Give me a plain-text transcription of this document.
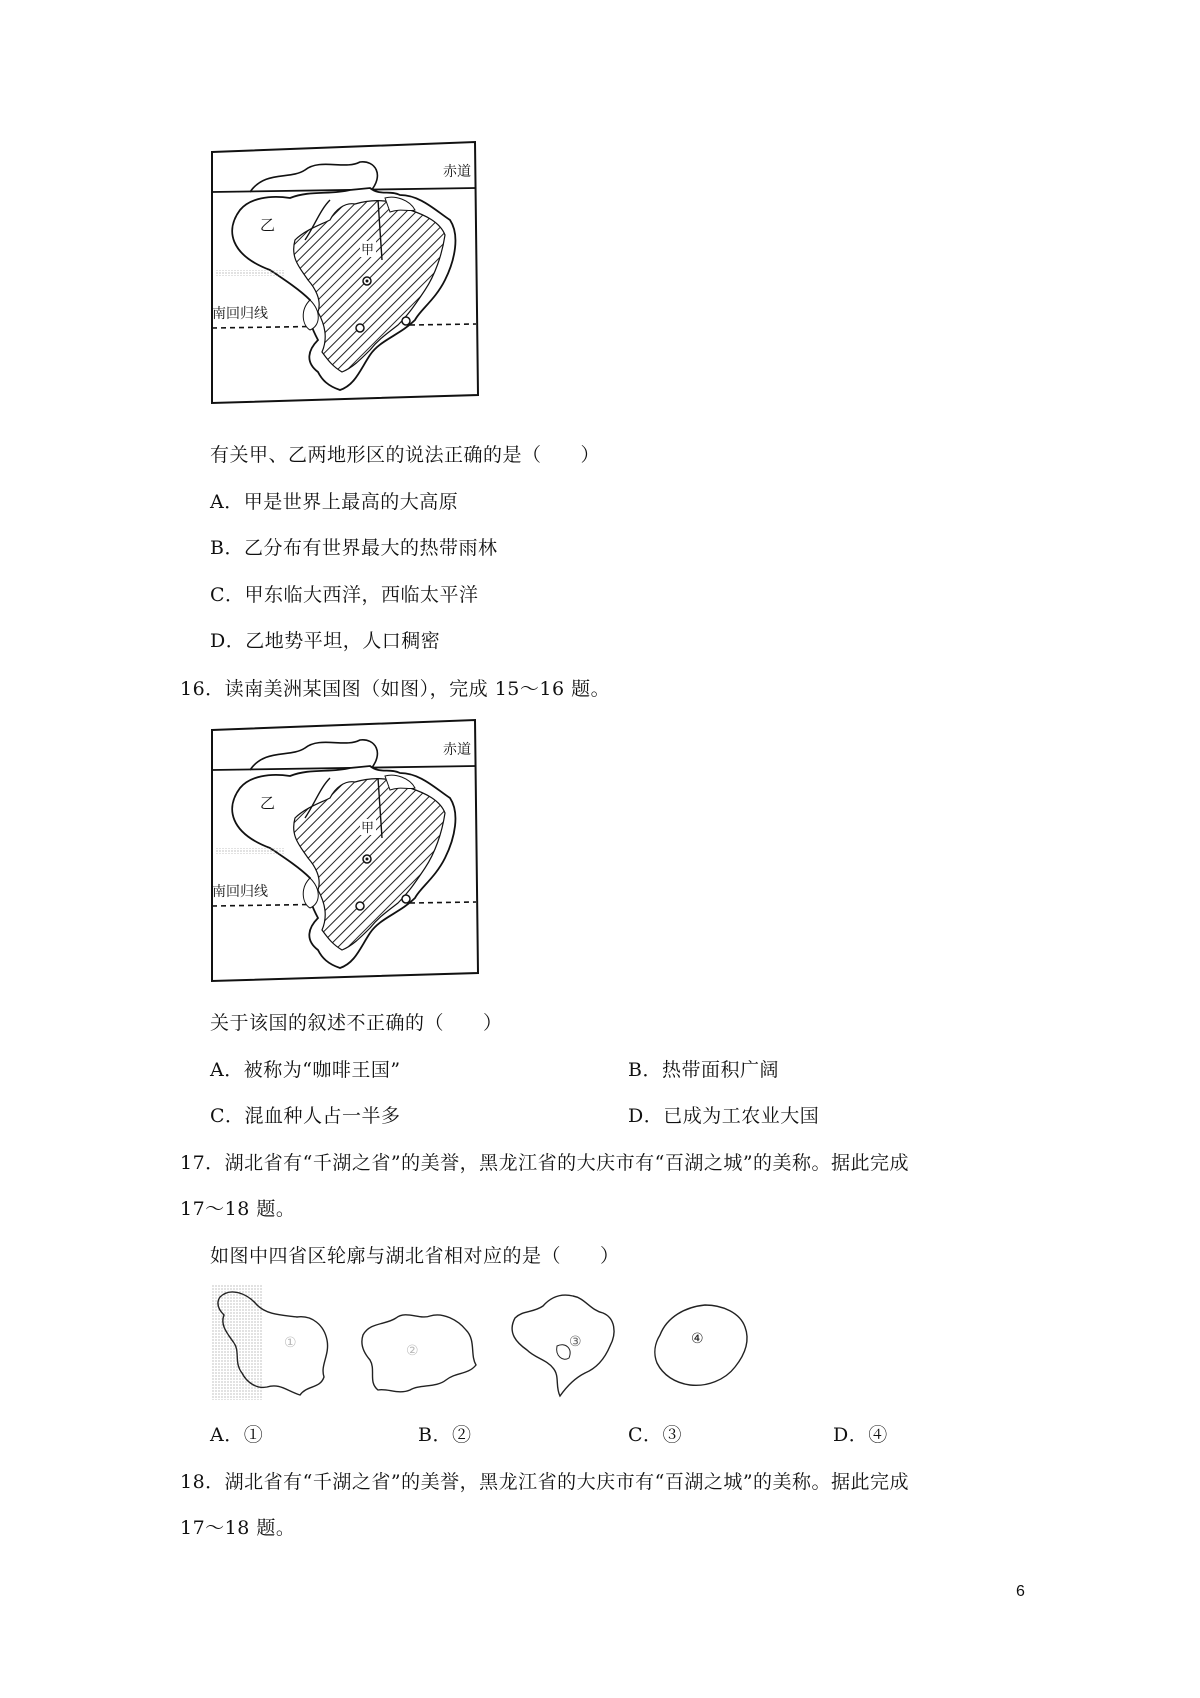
赤道
南回归线
乙
甲
有关甲、乙两地形区的说法正确的是（　　）
A．甲是世界上最高的大高原
B．乙分布有世界最大的热带雨林
C．甲东临大西洋，西临太平洋
D．乙地势平坦，人口稠密
16．读南美洲某国图（如图），完成 15～16 题。
赤道
南回归线
乙
甲
关于该国的叙述不正确的（　　）
A．被称为“咖啡王国”	B．热带面积广阔
C．混血种人占一半多	D．已成为工农业大国
17．湖北省有“千湖之省”的美誉，黑龙江省的大庆市有“百湖之城”的美称。据此完成
17～18 题。
如图中四省区轮廓与湖北省相对应的是（　　）
①	②
③	④
A．①	B．②	C．③	D．④
18．湖北省有“千湖之省”的美誉，黑龙江省的大庆市有“百湖之城”的美称。据此完成
17～18 题。
6
